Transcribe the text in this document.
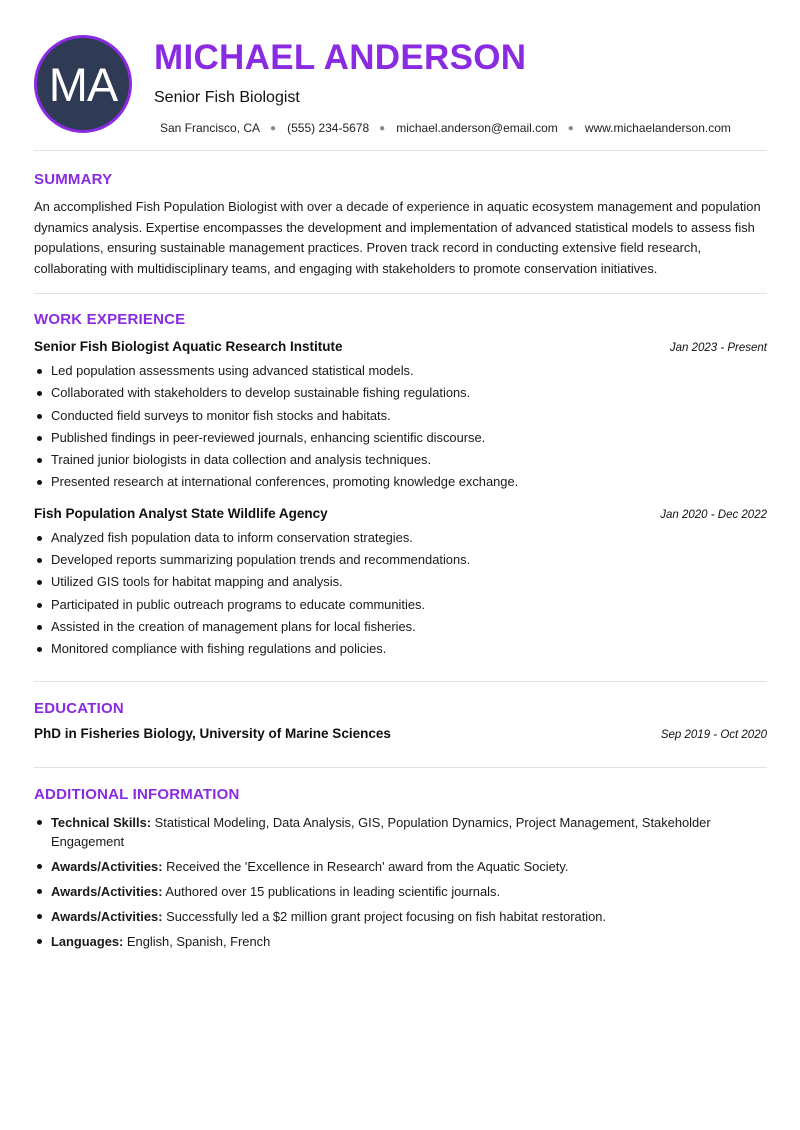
MA MICHAEL ANDERSON
Senior Fish Biologist
San Francisco, CA ● (555) 234-5678 ● michael.anderson@email.com ● www.michaelanderson.com
SUMMARY

An accomplished Fish Population Biologist with over a decade of experience in aquatic ecosystem management and population dynamics analysis. Expertise encompasses the development and implementation of advanced statistical models to assess fish populations, ensuring sustainable management practices. Proven track record in conducting extensive field research, collaborating with multidisciplinary teams, and engaging with stakeholders to promote conservation initiatives.

WORK EXPERIENCE
Senior Fish Biologist Aquatic Research Institute	Jan 2023 - Present
Led population assessments using advanced statistical models.
Collaborated with stakeholders to develop sustainable fishing regulations.
Conducted field surveys to monitor fish stocks and habitats.
Published findings in peer-reviewed journals, enhancing scientific discourse.
Trained junior biologists in data collection and analysis techniques.
Presented research at international conferences, promoting knowledge exchange.
Fish Population Analyst State Wildlife Agency	Jan 2020 - Dec 2022
Analyzed fish population data to inform conservation strategies.
Developed reports summarizing population trends and recommendations.
Utilized GIS tools for habitat mapping and analysis.
Participated in public outreach programs to educate communities.
Assisted in the creation of management plans for local fisheries.
Monitored compliance with fishing regulations and policies.
EDUCATION
PhD in Fisheries Biology, University of Marine Sciences	Sep 2019 - Oct 2020
ADDITIONAL INFORMATION
Technical Skills: Statistical Modeling, Data Analysis, GIS, Population Dynamics, Project Management, Stakeholder Engagement
Awards/Activities: Received the 'Excellence in Research' award from the Aquatic Society.
Awards/Activities: Authored over 15 publications in leading scientific journals.
Awards/Activities: Successfully led a $2 million grant project focusing on fish habitat restoration.
Languages: English, Spanish, French
